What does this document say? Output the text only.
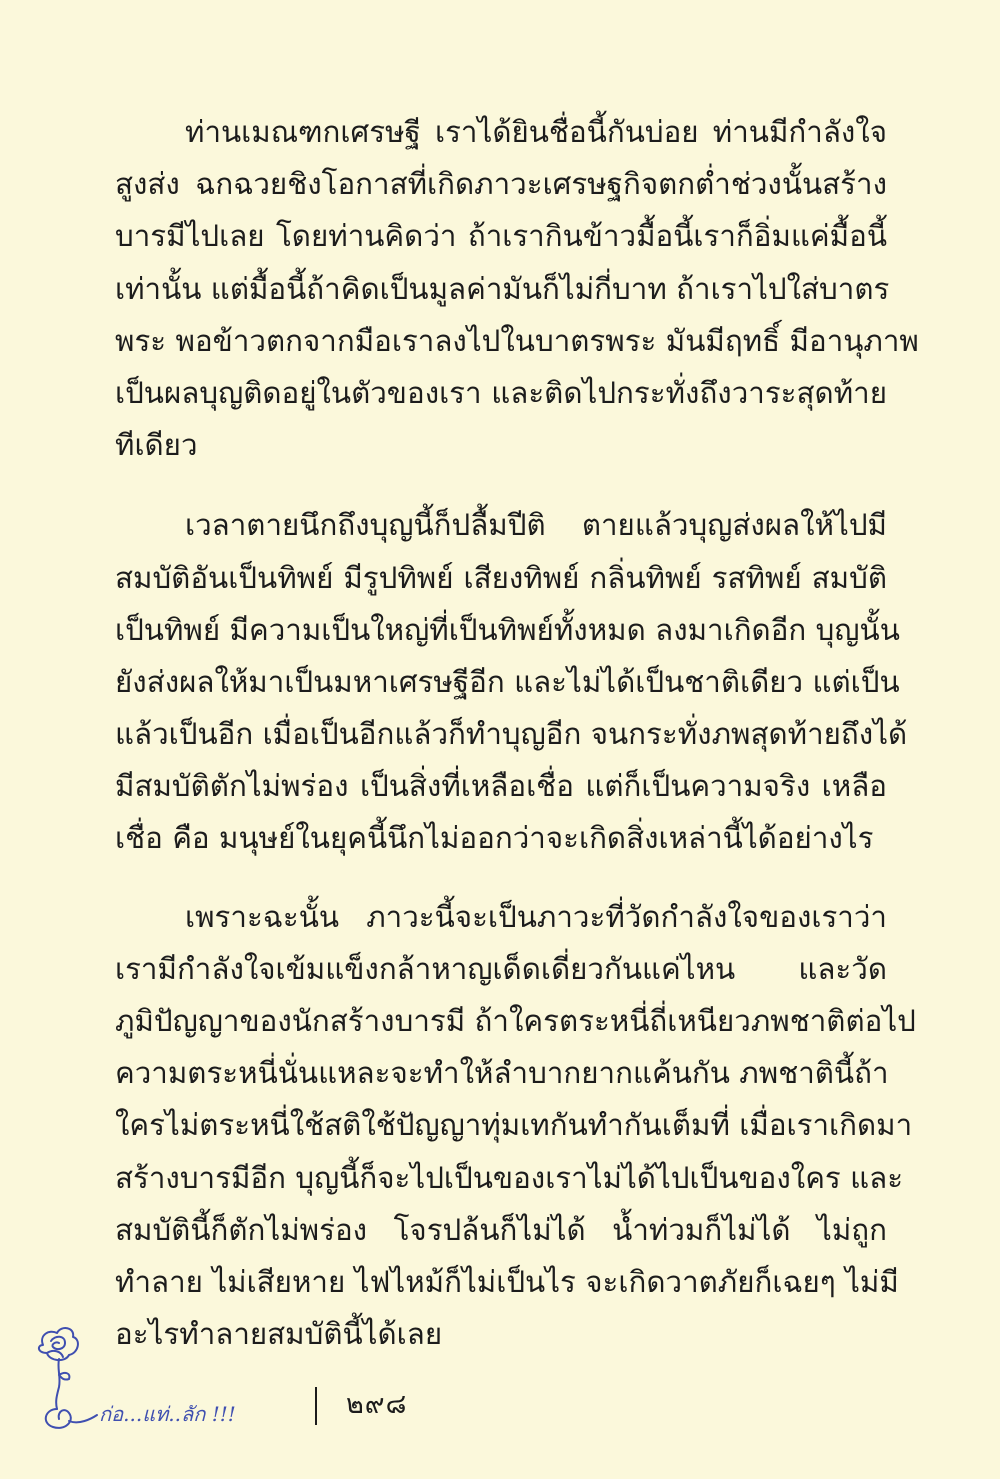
ท่านเมณฑกเศรษฐี เราได้ยินชื่อนี้กันบ่อย ท่านมีกำลังใจ
สูงส่ง ฉกฉวยชิงโอกาสที่เกิดภาวะเศรษฐกิจตกต่ำช่วงนั้นสร้าง
บารมีไปเลย โดยท่านคิดว่า ถ้าเรากินข้าวมื้อนี้เราก็อิ่มแค่มื้อนี้
เท่านั้น แต่มื้อนี้ถ้าคิดเป็นมูลค่ามันก็ไม่กี่บาท ถ้าเราไปใส่บาตร
พระ พอข้าวตกจากมือเราลงไปในบาตรพระ มันมีฤทธิ์ มีอานุภาพ
เป็นผลบุญติดอยู่ในตัวของเรา และติดไปกระทั่งถึงวาระสุดท้าย
ทีเดียว
เวลาตายนึกถึงบุญนี้ก็ปลื้มปีติ ตายแล้วบุญส่งผลให้ไปมี
สมบัติอันเป็นทิพย์ มีรูปทิพย์ เสียงทิพย์ กลิ่นทิพย์ รสทิพย์ สมบัติ
เป็นทิพย์ มีความเป็นใหญ่ที่เป็นทิพย์ทั้งหมด ลงมาเกิดอีก บุญนั้น
ยังส่งผลให้มาเป็นมหาเศรษฐีอีก และไม่ได้เป็นชาติเดียว แต่เป็น
แล้วเป็นอีก เมื่อเป็นอีกแล้วก็ทำบุญอีก จนกระทั่งภพสุดท้ายถึงได้
มีสมบัติตักไม่พร่อง เป็นสิ่งที่เหลือเชื่อ แต่ก็เป็นความจริง เหลือ
เชื่อ คือ มนุษย์ในยุคนี้นึกไม่ออกว่าจะเกิดสิ่งเหล่านี้ได้อย่างไร
เพราะฉะนั้น ภาวะนี้จะเป็นภาวะที่วัดกำลังใจของเราว่า
เรามีกำลังใจเข้มแข็งกล้าหาญเด็ดเดี่ยวกันแค่ไหน และวัด
ภูมิปัญญาของนักสร้างบารมี ถ้าใครตระหนี่ถี่เหนียวภพชาติต่อไป
ความตระหนี่นั่นแหละจะทำให้ลำบากยากแค้นกัน ภพชาตินี้ถ้า
ใครไม่ตระหนี่ใช้สติใช้ปัญญาทุ่มเทกันทำกันเต็มที่ เมื่อเราเกิดมา
สร้างบารมีอีก บุญนี้ก็จะไปเป็นของเราไม่ได้ไปเป็นของใคร และ
สมบัตินี้ก็ตักไม่พร่อง โจรปล้นก็ไม่ได้ น้ำท่วมก็ไม่ได้ ไม่ถูก
ทำลาย ไม่เสียหาย ไฟไหม้ก็ไม่เป็นไร จะเกิดวาตภัยก็เฉยๆ ไม่มี
อะไรทำลายสมบัตินี้ได้เลย
ก่อ...แท่..ลัก !!!	๒๙๘
